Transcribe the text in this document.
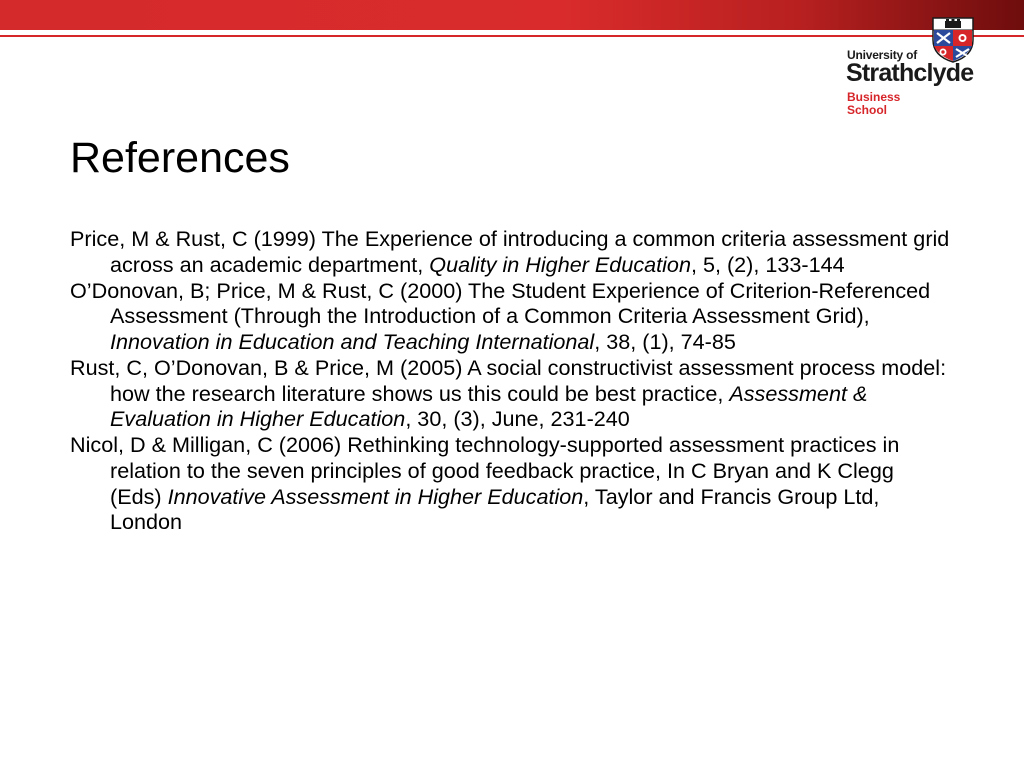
University of
Strathclyde
Business School
References
Price, M & Rust, C (1999) The Experience of introducing a common criteria assessment grid across an academic department, Quality in Higher Education, 5, (2), 133-144
O’Donovan, B; Price, M & Rust, C (2000) The Student Experience of Criterion-Referenced Assessment (Through the Introduction of a Common Criteria Assessment Grid), Innovation in Education and Teaching International, 38, (1), 74-85
Rust, C, O’Donovan, B & Price, M (2005) A social constructivist assessment process model: how the research literature shows us this could be best practice, Assessment & Evaluation in Higher Education, 30, (3), June, 231-240
Nicol, D & Milligan, C (2006) Rethinking technology-supported assessment practices in relation to the seven principles of good feedback practice, In C Bryan and K Clegg (Eds) Innovative Assessment in Higher Education, Taylor and Francis Group Ltd, London
